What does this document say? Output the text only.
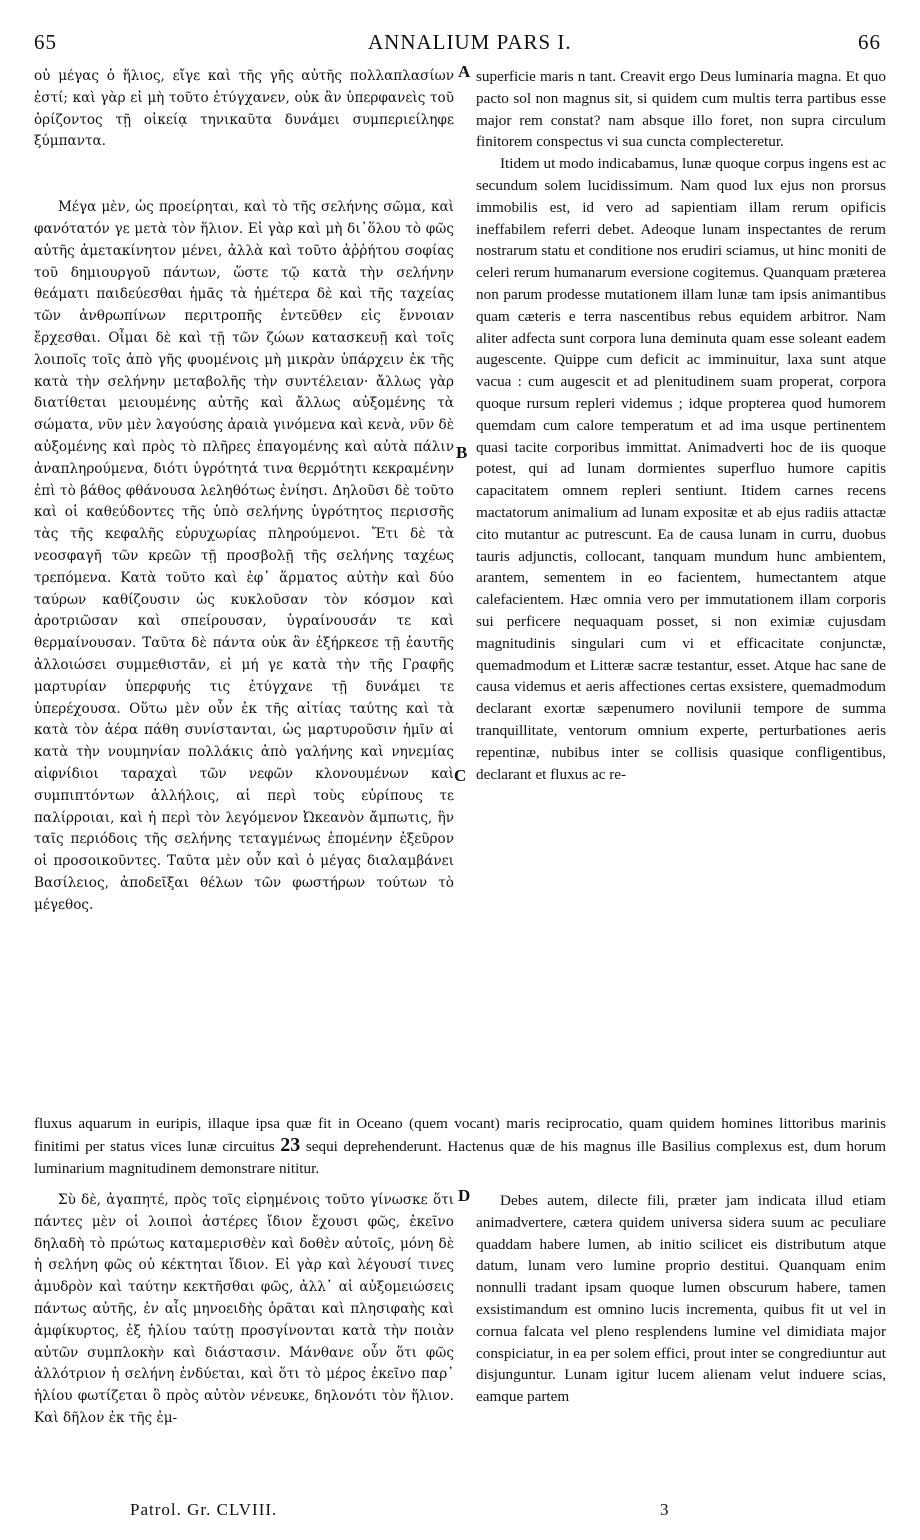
65	ANNALIUM PARS I.	66
A
B
C
D

οὐ μέγας ὁ ἥλιος, εἴγε καὶ τῆς γῆς αὐτῆς πολλαπλασίων ἐστί; καὶ γὰρ εἰ μὴ τοῦτο ἐτύγχανεν, οὐκ ἂν ὑπερφανεὶς τοῦ ὁρίζοντος τῇ οἰκείᾳ τηνικαῦτα δυνάμει συμπεριείληφε ξύμπαντα.

Μέγα μὲν, ὡς προείρηται, καὶ τὸ τῆς σελήνης σῶμα, καὶ φανότατόν γε μετὰ τὸν ἥλιον. Εἰ γὰρ καὶ μὴ δι᾽ὅλου τὸ φῶς αὐτῆς ἀμετακίνητον μένει, ἀλλὰ καὶ τοῦτο ἀῤῥήτου σοφίας τοῦ δημιουργοῦ πάντων, ὥστε τῷ κατὰ τὴν σελήνην θεάματι παιδεύεσθαι ἡμᾶς τὰ ἡμέτερα δὲ καὶ τῆς ταχείας τῶν ἀνθρωπίνων περιτροπῆς ἐντεῦθεν εἰς ἔννοιαν ἔρχεσθαι. Οἶμαι δὲ καὶ τῇ τῶν ζώων κατασκευῇ καὶ τοῖς λοιποῖς τοῖς ἀπὸ γῆς φυομένοις μὴ μικρὰν ὑπάρχειν ἐκ τῆς κατὰ τὴν σελήνην μεταβολῆς τὴν συντέλειαν· ἄλλως γὰρ διατίθεται μειουμένης αὐτῆς καὶ ἄλλως αὐξομένης τὰ σώματα, νῦν μὲν λαγούσης ἀραιὰ γινόμενα καὶ κενὰ, νῦν δὲ αὐξομένης καὶ πρὸς τὸ πλῆρες ἐπαγομένης καὶ αὐτὰ πάλιν ἀναπληρούμενα, διότι ὑγρότητά τινα θερμότητι κεκραμένην ἐπὶ τὸ βάθος φθάνουσα λεληθότως ἐνίησι. Δηλοῦσι δὲ τοῦτο καὶ οἱ καθεύδοντες τῆς ὑπὸ σελήνης ὑγρότητος περισσῆς τὰς τῆς κεφαλῆς εὐρυχωρίας πληρούμενοι. Ἔτι δὲ τὰ νεοσφαγῆ τῶν κρεῶν τῇ προσβολῇ τῆς σελήνης ταχέως τρεπόμενα. Κατὰ τοῦτο καὶ ἐφ᾽ ἅρματος αὐτὴν καὶ δύο ταύρων καθίζουσιν ὡς κυκλοῦσαν τὸν κόσμον καὶ ἀροτριῶσαν καὶ σπείρουσαν, ὑγραίνουσάν τε καὶ θερμαίνουσαν. Ταῦτα δὲ πάντα οὐκ ἂν ἐξήρκεσε τῇ ἑαυτῆς ἀλλοιώσει συμμεθιστᾶν, εἰ μή γε κατὰ τὴν τῆς Γραφῆς μαρτυρίαν ὑπερφυής τις ἐτύγχανε τῇ δυνάμει τε ὑπερέχουσα. Οὕτω μὲν οὖν ἐκ τῆς αἰτίας ταύτης καὶ τὰ κατὰ τὸν ἀέρα πάθη συνίστανται, ὡς μαρτυροῦσιν ἡμῖν αἱ κατὰ τὴν νουμηνίαν πολλάκις ἀπὸ γαλήνης καὶ νηνεμίας αἰφνίδιοι ταραχαὶ τῶν νεφῶν κλονουμένων καὶ συμπιπτόντων ἀλλήλοις, αἱ περὶ τοὺς εὐρίπους τε παλίρροιαι, καὶ ἡ περὶ τὸν λεγόμενον Ὠκεανὸν ἄμπωτις, ἣν ταῖς περιόδοις τῆς σελήνης τεταγμένως ἑπομένην ἐξεῦρον οἱ προσοικοῦντες. Ταῦτα μὲν οὖν καὶ ὁ μέγας διαλαμβάνει Βασίλειος, ἀποδεῖξαι θέλων τῶν φωστήρων τούτων τὸ μέγεθος.

superficie maris n tant. Creavit ergo Deus luminaria magna. Et quo pacto sol non magnus sit, si quidem cum multis terra partibus esse major rem constat? nam absque illo foret, non supra circulum finitorem conspectus vi sua cuncta complecteretur.

Itidem ut modo indicabamus, lunæ quoque corpus ingens est ac secundum solem lucidissimum. Nam quod lux ejus non prorsus immobilis est, id vero ad sapientiam illam rerum opificis ineffabilem referri debet. Adeoque lunam inspectantes de rerum nostrarum statu et conditione nos erudiri sciamus, ut hinc moniti de celeri rerum humanarum eversione cogitemus. Quanquam præterea non parum prodesse mutationem illam lunæ tam ipsis animantibus quam cæteris e terra nascentibus rebus equidem arbitror. Nam aliter adfecta sunt corpora luna deminuta quam esse soleant eadem augescente. Quippe cum deficit ac imminuitur, laxa sunt atque vacua : cum augescit et ad plenitudinem suam properat, corpora quoque rursum repleri videmus ; idque propterea quod humorem quemdam cum calore temperatum et ad ima usque pertinentem quasi tacite corporibus immittat. Animadverti hoc de iis quoque potest, qui ad lunam dormientes superfluo humore capitis capacitatem omnem repleri sentiunt. Itidem carnes recens mactatorum animalium ad lunam expositæ et ab ejus radiis attactæ cito mutantur ac putrescunt. Ea de causa lunam in curru, duobus tauris adjunctis, collocant, tanquam mundum hunc ambientem, arantem, sementem in eo facientem, humectantem atque calefacientem. Hæc omnia vero per immutationem illam corporis sui perficere nequaquam posset, si non eximiæ cujusdam magnitudinis singulari cum vi et efficacitate conjunctæ, quemadmodum et Litteræ sacræ testantur, esset. Atque hac sane de causa videmus et aeris affectiones certas exsistere, quemadmodum declarant exortæ sæpenumero novilunii tempore de summa tranquillitate, ventorum omnium experte, perturbationes aeris repentinæ, nubibus inter se collisis quasique confligentibus, declarant et fluxus ac re-

fluxus aquarum in euripis, illaque ipsa quæ fit in Oceano (quem vocant) maris reciprocatio, quam quidem homines littoribus marinis finitimi per status vices lunæ circuitus 23 sequi deprehenderunt. Hactenus quæ de his magnus ille Basilius complexus est, dum horum luminarium magnitudinem demonstrare nititur.

Σὺ δὲ, ἀγαπητέ, πρὸς τοῖς εἰρημένοις τοῦτο γίνωσκε ὅτι πάντες μὲν οἱ λοιποὶ ἀστέρες ἴδιον ἔχουσι φῶς, ἐκεῖνο δηλαδὴ τὸ πρώτως καταμερισθὲν καὶ δοθὲν αὐτοῖς, μόνη δὲ ἡ σελήνη φῶς οὐ κέκτηται ἴδιον. Εἰ γὰρ καὶ λέγουσί τινες ἀμυδρὸν καὶ ταύτην κεκτῆσθαι φῶς, ἀλλ᾽ αἱ αὐξομειώσεις πάντως αὐτῆς, ἐν αἷς μηνοειδὴς ὁρᾶται καὶ πλησιφαὴς καὶ ἀμφίκυρτος, ἐξ ἡλίου ταύτῃ προσγίνονται κατὰ τὴν ποιὰν αὐτῶν συμπλοκὴν καὶ διάστασιν. Μάνθανε οὖν ὅτι φῶς ἀλλότριον ἡ σελήνη ἐνδύεται, καὶ ὅτι τὸ μέρος ἐκεῖνο παρ᾽ ἡλίου φωτίζεται ὃ πρὸς αὐτὸν νένευκε, δηλονότι τὸν ἥλιον. Καὶ δῆλον ἐκ τῆς ἐμ-

Debes autem, dilecte fili, præter jam indicata illud etiam animadvertere, cætera quidem universa sidera suum ac peculiare quaddam habere lumen, ab initio scilicet eis distributum atque datum, lunam vero lumine proprio destitui. Quanquam enim nonnulli tradant ipsam quoque lumen obscurum habere, tamen exsistimandum est omnino lucis incrementa, quibus fit ut vel in cornua falcata vel pleno resplendens lumine vel dimidiata major conspiciatur, in ea per solem effici, prout inter se congrediuntur aut disjunguntur. Lunam igitur lucem alienam velut induere scias, eamque partem

Patrol. Gr. CLVIII.	3
